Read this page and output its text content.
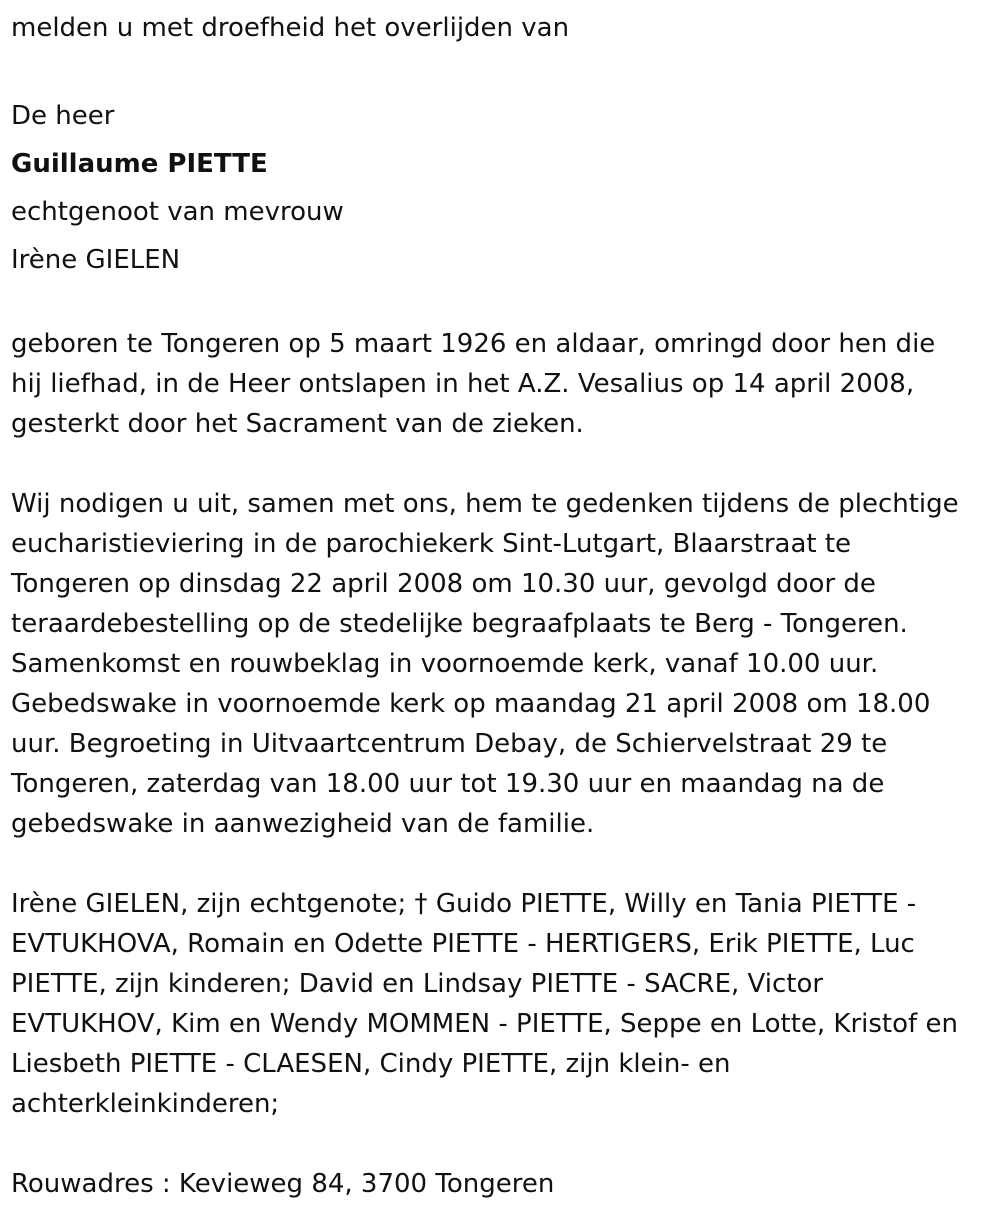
melden u met droefheid het overlijden van
De heer
Guillaume PIETTE
echtgenoot van mevrouw
Irène GIELEN
geboren te Tongeren op 5 maart 1926 en aldaar, omringd door hen die
hij liefhad, in de Heer ontslapen in het A.Z. Vesalius op 14 april 2008,
gesterkt door het Sacrament van de zieken.
Wij nodigen u uit, samen met ons, hem te gedenken tijdens de plechtige
eucharistieviering in de parochiekerk Sint-Lutgart, Blaarstraat te
Tongeren op dinsdag 22 april 2008 om 10.30 uur, gevolgd door de
teraardebestelling op de stedelijke begraafplaats te Berg - Tongeren.
Samenkomst en rouwbeklag in voornoemde kerk, vanaf 10.00 uur.
Gebedswake in voornoemde kerk op maandag 21 april 2008 om 18.00
uur. Begroeting in Uitvaartcentrum Debay, de Schiervelstraat 29 te
Tongeren, zaterdag van 18.00 uur tot 19.30 uur en maandag na de
gebedswake in aanwezigheid van de familie.
Irène GIELEN, zijn echtgenote; † Guido PIETTE, Willy en Tania PIETTE -
EVTUKHOVA, Romain en Odette PIETTE - HERTIGERS, Erik PIETTE, Luc
PIETTE, zijn kinderen; David en Lindsay PIETTE - SACRE, Victor
EVTUKHOV, Kim en Wendy MOMMEN - PIETTE, Seppe en Lotte, Kristof en
Liesbeth PIETTE - CLAESEN, Cindy PIETTE, zijn klein- en
achterkleinkinderen;
Rouwadres : Kevieweg 84, 3700 Tongeren
